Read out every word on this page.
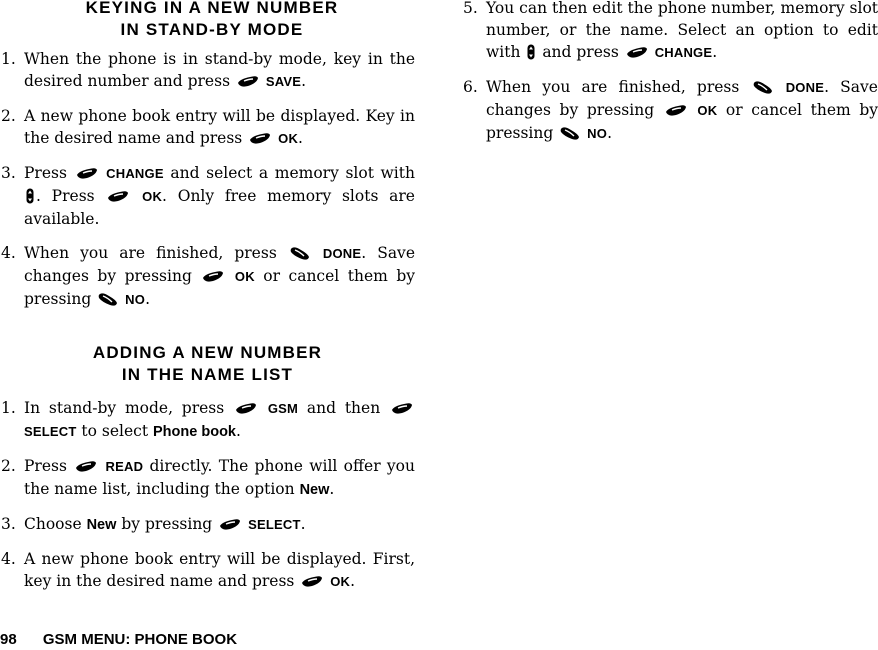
KEYING IN A NEW NUMBER
IN STAND-BY MODE
1. When the phone is in stand-by mode, key in the desired number and press	SAVE.
2. A new phone book entry will be displayed. Key in the desired name and press	OK.
3. Press	CHANGE and select a memory slot with
. Press	OK. Only free memory slots are available.
4. When you are finished, press	DONE. Save changes by pressing	OK or cancel them by pressing	NO.
ADDING A NEW NUMBER
IN THE NAME LIST
1. In stand-by mode, press	GSM and then
SELECT to select Phone book.
2. Press	READ directly. The phone will offer you the name list, including the option New.
3. Choose New by pressing	SELECT.
4. A new phone book entry will be displayed. First, key in the desired name and press	OK.
5. You can then edit the phone number, memory slot number, or the name. Select an option to edit with and press	CHANGE.
6. When you are finished, press	DONE. Save changes by pressing	OK or cancel them by pressing	NO.
98 GSM MENU: PHONE BOOK
